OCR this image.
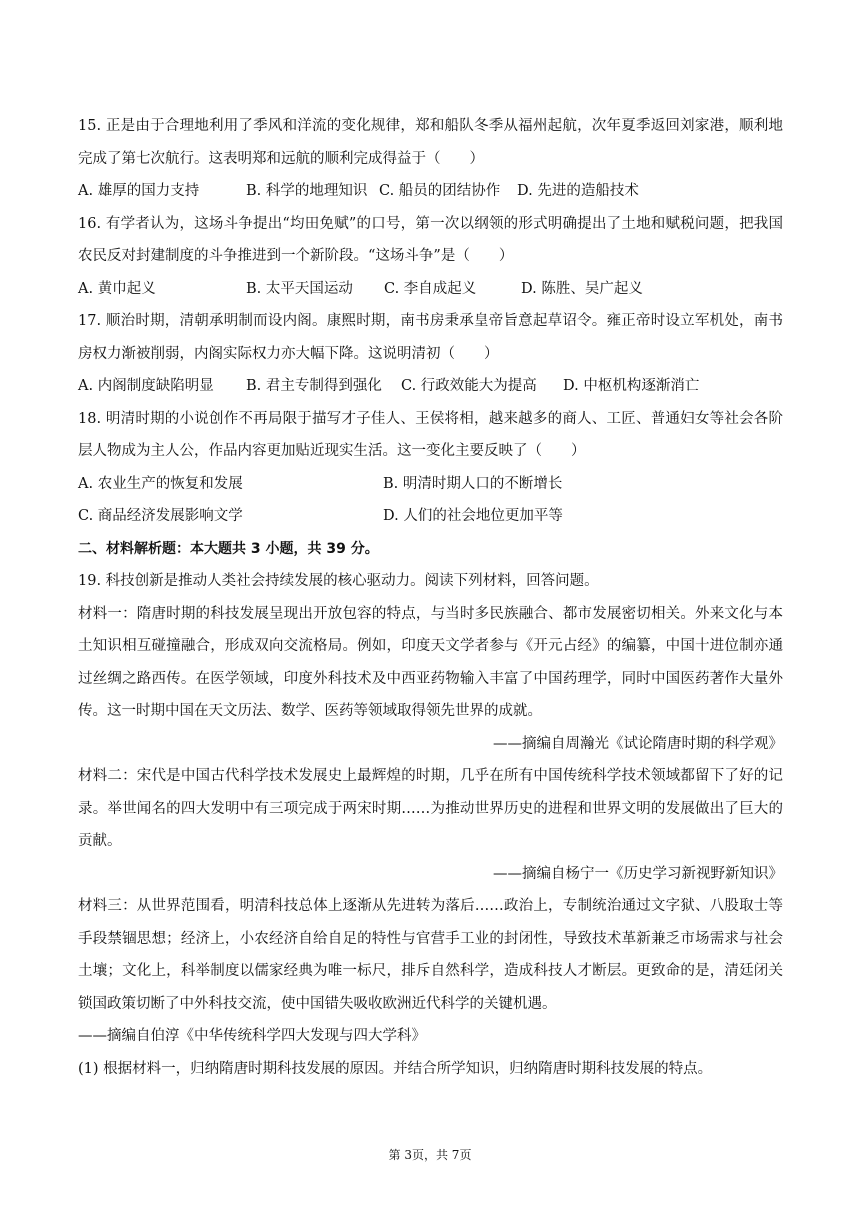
15. 正是由于合理地利用了季风和洋流的变化规律，郑和船队冬季从福州起航，次年夏季返回刘家港，顺利地完成了第七次航行。这表明郑和远航的顺利完成得益于（　　）

A. 雄厚的国力支持	B. 科学的地理知识 C. 船员的团结协作	D. 先进的造船技术

16. 有学者认为，这场斗争提出“均田免赋”的口号，第一次以纲领的形式明确提出了土地和赋税问题，把我国农民反对封建制度的斗争推进到一个新阶段。“这场斗争”是（　　）

A. 黄巾起义	B. 太平天国运动	C. 李自成起义	D. 陈胜、吴广起义

17. 顺治时期，清朝承明制而设内阁。康熙时期，南书房秉承皇帝旨意起草诏令。雍正帝时设立军机处，南书房权力渐被削弱，内阁实际权力亦大幅下降。这说明清初（　　）

A. 内阁制度缺陷明显	B. 君主专制得到强化	C. 行政效能大为提高	D. 中枢机构逐渐消亡

18. 明清时期的小说创作不再局限于描写才子佳人、王侯将相，越来越多的商人、工匠、普通妇女等社会各阶层人物成为主人公，作品内容更加贴近现实生活。这一变化主要反映了（　　）

A. 农业生产的恢复和发展	B. 明清时期人口的不断增长
C. 商品经济发展影响文学	D. 人们的社会地位更加平等
二、材料解析题：本大题共 3 小题，共 39 分。

19. 科技创新是推动人类社会持续发展的核心驱动力。阅读下列材料，回答问题。

材料一：隋唐时期的科技发展呈现出开放包容的特点，与当时多民族融合、都市发展密切相关。外来文化与本土知识相互碰撞融合，形成双向交流格局。例如，印度天文学者参与《开元占经》的编纂，中国十进位制亦通过丝绸之路西传。在医学领域，印度外科技术及中西亚药物输入丰富了中国药理学，同时中国医药著作大量外传。这一时期中国在天文历法、数学、医药等领域取得领先世界的成就。

——摘编自周瀚光《试论隋唐时期的科学观》

材料二：宋代是中国古代科学技术发展史上最辉煌的时期，几乎在所有中国传统科学技术领域都留下了好的记录。举世闻名的四大发明中有三项完成于两宋时期……为推动世界历史的进程和世界文明的发展做出了巨大的贡献。

——摘编自杨宁一《历史学习新视野新知识》

材料三：从世界范围看，明清科技总体上逐渐从先进转为落后……政治上，专制统治通过文字狱、八股取士等手段禁锢思想；经济上，小农经济自给自足的特性与官营手工业的封闭性，导致技术革新兼乏市场需求与社会土壤；文化上，科举制度以儒家经典为唯一标尺，排斥自然科学，造成科技人才断层。更致命的是，清廷闭关锁国政策切断了中外科技交流，使中国错失吸收欧洲近代科学的关键机遇。

——摘编自伯淳《中华传统科学四大发现与四大学科》

(1) 根据材料一，归纳隋唐时期科技发展的原因。并结合所学知识，归纳隋唐时期科技发展的特点。

第 3页，共 7页
